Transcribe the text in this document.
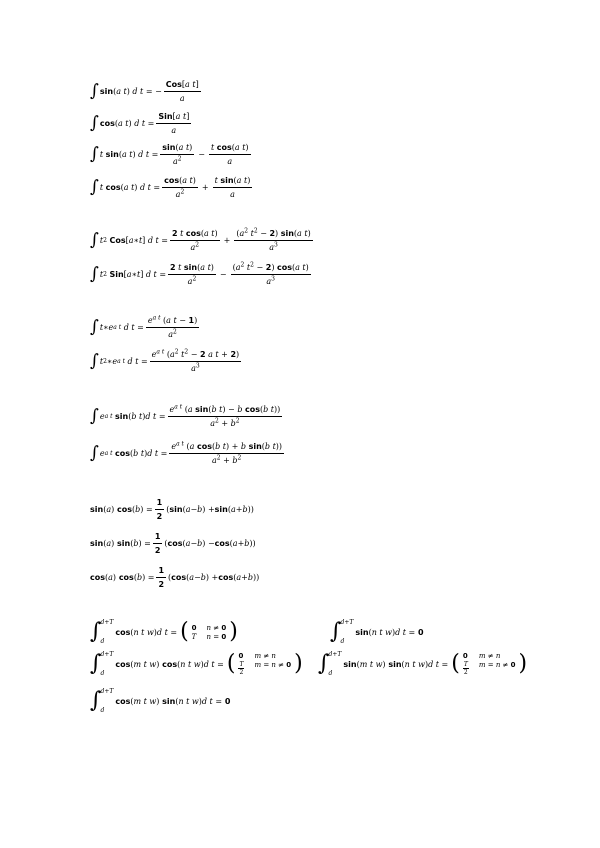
∫ sin (a t) d t = − $\frac{\text{Cos[a t]}}{a}$
∫ cos (a t) d $t = \frac{\text{Sin[a t]}}{a}$
∫ t sin (a t) d $t = \frac{\text{sin(a t)}}{a^2} - \frac{\text{t cos(a t)}}{a}$
∫ t cos (a t) d $t = \frac{\text{cos(a t)}}{a^2} + \frac{\text{t sin(a t)}}{a}$
∫ t 2
Cos [a∗t] d $t = \frac{\text{2 t cos(a t)}}{a^2} + \frac{(a^2 t^2 - 2) \sin(a t)}{a^3}$
∫ t 2
Sin [a∗t] d $t = \frac{\text{2 t sin(a t)}}{a^2} - \frac{(a^2 t^2 - 2) \cos(a t)}{a^3}$
∫ t ∗ e a t
d $t = \frac{e^{a t} (a t - 1)}{a^2}$
∫ t 2 ∗ e a t
d $t = \frac{e^{a t} (a^2 t^2 - 2 a t + 2)}{a^3}$
∫ e a t
sin ( b t ) d $t = \frac{e^{a t} (a \sin(b t) - b \cos(b t))}{a^2 + b^2}$
∫ e a t
cos ( b t ) d $t = \frac{e^{a t} (a \cos(b t) + b \sin(b t))}{a^2 + b^2}$
sin ( a ) cos ( b ) = $\frac{1}{2}$ ( sin ( a − b ) + sin ( a + b ))
sin ( a ) sin ( b ) = $\frac{1}{2}$ ( cos ( a − b ) − cos ( a + b ))
cos ( a ) cos ( b ) = $\frac{1}{2}$ ( cos ( a − b ) + cos ( a + b ))
∫ d+T
d
cos ( n t w ) d t = ( 0 n ≠ 0
T n = 0 )	∫ d+T
d
sin ( n t w ) d t = 0
∫ d+T
d
cos ( m t w ) cos ( n t w ) d t = ( 0 m ≠ n
$\frac{T}{2}$ m = n ≠ 0 ) ∫ d+T
d
sin ( m t w ) sin ( n t w ) d t = ( 0 m ≠ n
$\frac{T}{2}$ m = n ≠ 0 )
∫ d+T
d
cos ( m t w ) sin ( n t w ) d t = 0
